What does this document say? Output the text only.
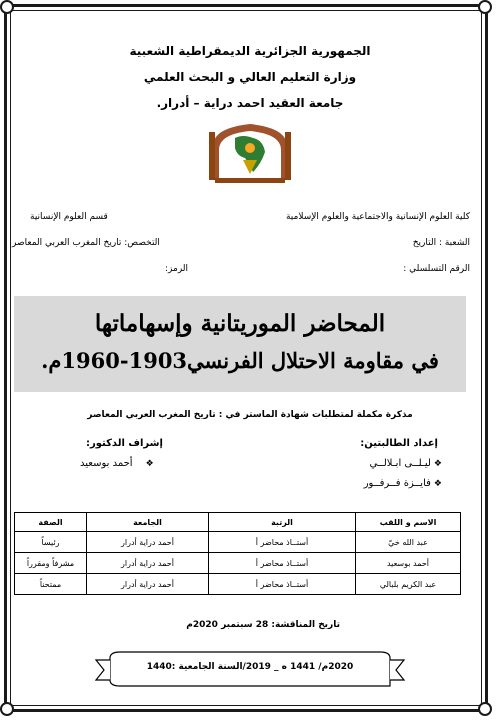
الجمهورية الجزائرية الديمقراطية الشعبية
وزارة التعليم العالي و البحث العلمي
جامعة العقيد احمد دراية – أدرار.
كلية العلوم الإنسانية والاجتماعية والعلوم الإسلامية
قسم العلوم الإنسانية
الشعبة : التاريخ
التخصص: تاريخ المغرب العربي المعاصر
الرقم التسلسلي :
الرمز:
المحاضر الموريتانية وإسهاماتها
في مقاومة الاحتلال الفرنسي1903-1960م.
مذكرة مكملة لمتطلبات شهادة الماستر في : تاريخ المغرب العربي المعاصر
إعداد الطالبتين:
❖ليـلــى ابـلالــي
❖فايــزة فــرفــور
إشراف الدكتور:
❖أحمد بوسعيد
الاسم و اللقب	الرتبة	الجامعة	الصفة
عبد الله خيّ	أستــاذ محاضر أ	أحمد دراية أدرار	رئيساً
أحمد بوسعيد	أستــاذ محاضر أ	أحمد دراية أدرار	مشرفاً ومقرراً
عبد الكريم بلبالي	أستــاذ محاضر أ	أحمد دراية أدرار	ممتحناً
تاريخ المناقشة: 28 سبتمبر 2020م
2020م/ 1441 ه _ 2019/السنة الجامعية :1440
